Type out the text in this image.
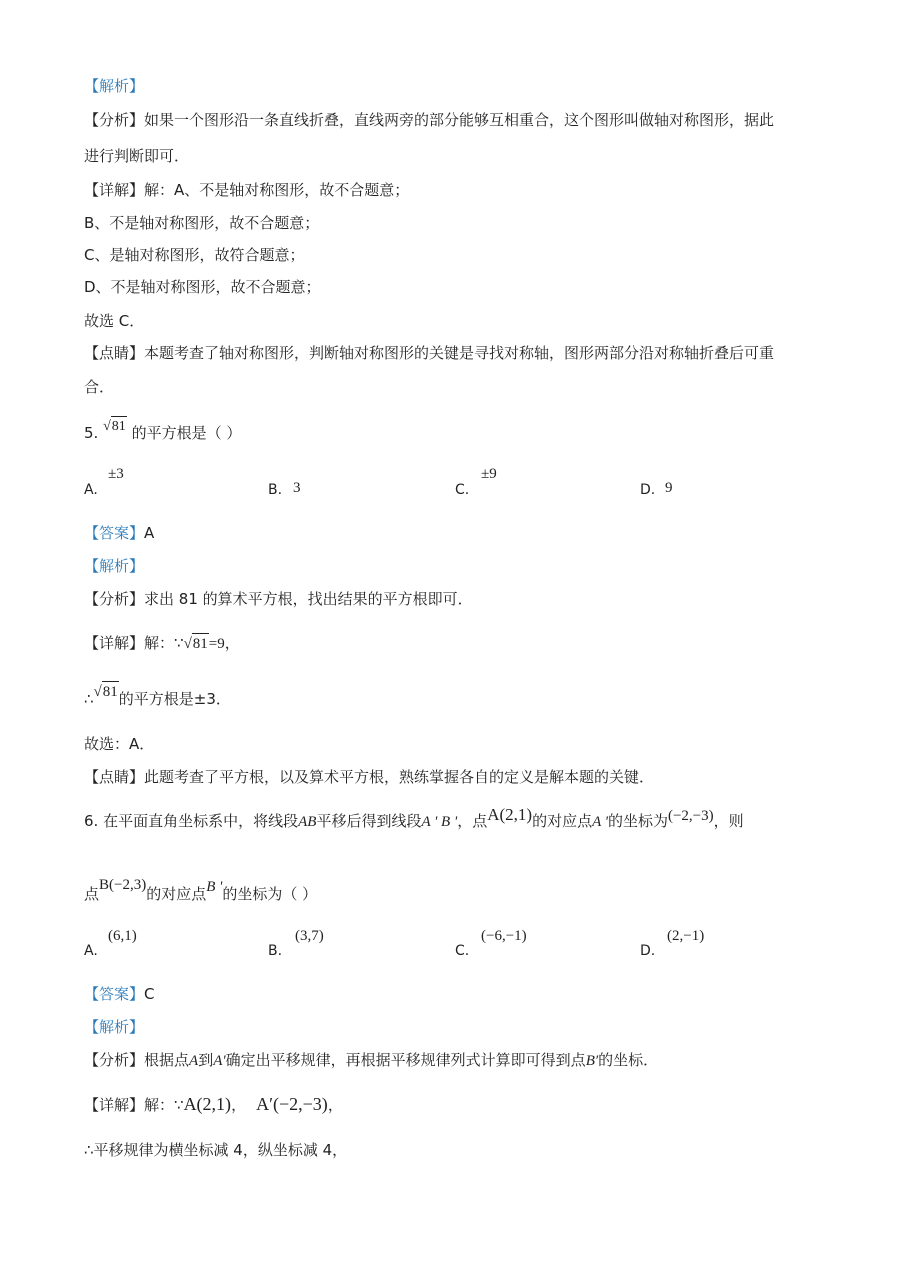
【解析】
【分析】如果一个图形沿一条直线折叠，直线两旁的部分能够互相重合，这个图形叫做轴对称图形，据此
进行判断即可．
【详解】解：A、不是轴对称图形，故不合题意；
B、不是轴对称图形，故不合题意；
C、是轴对称图形，故符合题意；
D、不是轴对称图形，故不合题意；
故选 C．
【点睛】本题考查了轴对称图形，判断轴对称图形的关键是寻找对称轴，图形两部分沿对称轴折叠后可重
合．
5. √81 的平方根是（ ）
A.
±3
B. 3	C.
±9
D. 9
【答案】A
【解析】
【分析】求出 81 的算术平方根，找出结果的平方根即可．
【详解】解：∵√81=9，
∴√81的平方根是±3．
故选：A．
【点睛】此题考查了平方根，以及算术平方根，熟练掌握各自的定义是解本题的关键．
6. 在平面直角坐标系中，将线段AB平移后得到线段A ' B '，点A(2,1)的对应点A '的坐标为(−2,−3)，则
点B(−2,3)的对应点B '的坐标为（ ）
A.
(6,1)
B.
(3,7)
C.
(−6,−1)
D.
(2,−1)
【答案】C
【解析】
【分析】根据点A到A′确定出平移规律，再根据平移规律列式计算即可得到点B′的坐标．
【详解】解：∵A(2,1)， A′(−2,−3)，
∴平移规律为横坐标减 4，纵坐标减 4，
